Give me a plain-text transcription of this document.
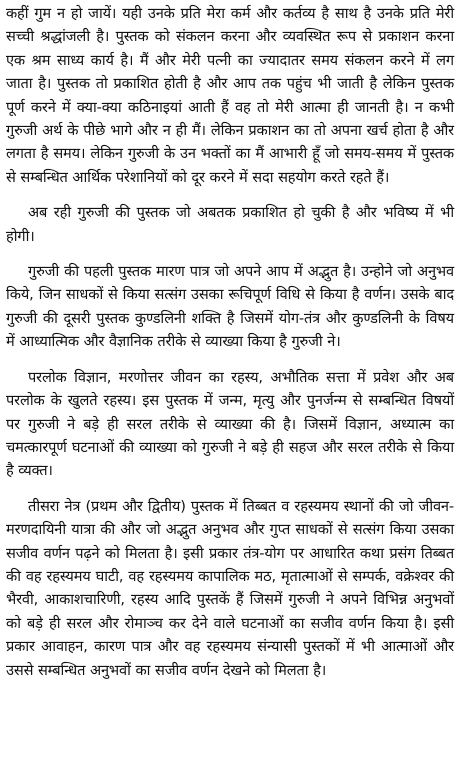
कहीं गुम न हो जायें। यही उनके प्रति मेरा कर्म और कर्तव्य है साथ है उनके प्रति मेरी सच्ची श्रद्धांजली है। पुस्तक को संकलन करना और व्यवस्थित रूप से प्रकाशन करना एक श्रम साध्य कार्य है। मैं और मेरी पत्नी का ज्यादातर समय संकलन करने में लग जाता है। पुस्तक तो प्रकाशित होती है और आप तक पहुंच भी जाती है लेकिन पुस्तक पूर्ण करने में क्या-क्या कठिनाइयां आती हैं वह तो मेरी आत्मा ही जानती है। न कभी गुरुजी अर्थ के पीछे भागे और न ही मैं। लेकिन प्रकाशन का तो अपना खर्च होता है और लगता है समय। लेकिन गुरुजी के उन भक्तों का मैं आभारी हूँ जो समय-समय में पुस्तक से सम्बन्धित आर्थिक परेशानियों को दूर करने में सदा सहयोग करते रहते हैं।

अब रही गुरुजी की पुस्तक जो अबतक प्रकाशित हो चुकी है और भविष्य में भी होगी।

गुरुजी की पहली पुस्तक मारण पात्र जो अपने आप में अद्भुत है। उन्होने जो अनुभव किये, जिन साधकों से किया सत्संग उसका रूचिपूर्ण विधि से किया है वर्णन। उसके बाद गुरुजी की दूसरी पुस्तक कुण्डलिनी शक्ति है जिसमें योग-तंत्र और कुण्डलिनी के विषय में आध्यात्मिक और वैज्ञानिक तरीके से व्याख्या किया है गुरुजी ने।

परलोक विज्ञान, मरणोत्तर जीवन का रहस्य, अभौतिक सत्ता में प्रवेश और अब परलोक के खुलते रहस्य। इस पुस्तक में जन्म, मृत्यु और पुनर्जन्म से सम्बन्धित विषयों पर गुरुजी ने बड़े ही सरल तरीके से व्याख्या की है। जिसमें विज्ञान, अध्यात्म का चमत्कारपूर्ण घटनाओं की व्याख्या को गुरुजी ने बड़े ही सहज और सरल तरीके से किया है व्यक्त।

तीसरा नेत्र (प्रथम और द्वितीय) पुस्तक में तिब्बत व रहस्यमय स्थानों की जो जीवन-मरणदायिनी यात्रा की और जो अद्भुत अनुभव और गुप्त साधकों से सत्संग किया उसका सजीव वर्णन पढ़ने को मिलता है। इसी प्रकार तंत्र-योग पर आधारित कथा प्रसंग तिब्बत की वह रहस्यमय घाटी, वह रहस्यमय कापालिक मठ, मृतात्माओं से सम्पर्क, वक्रेश्वर की भैरवी, आकाशचारिणी, रहस्य आदि पुस्तकें हैं जिसमें गुरुजी ने अपने विभिन्न अनुभवों को बड़े ही सरल और रोमाञ्च कर देने वाले घटनाओं का सजीव वर्णन किया है। इसी प्रकार आवाहन, कारण पात्र और वह रहस्यमय संन्यासी पुस्तकों में भी आत्माओं और उससे सम्बन्धित अनुभवों का सजीव वर्णन देखने को मिलता है।
